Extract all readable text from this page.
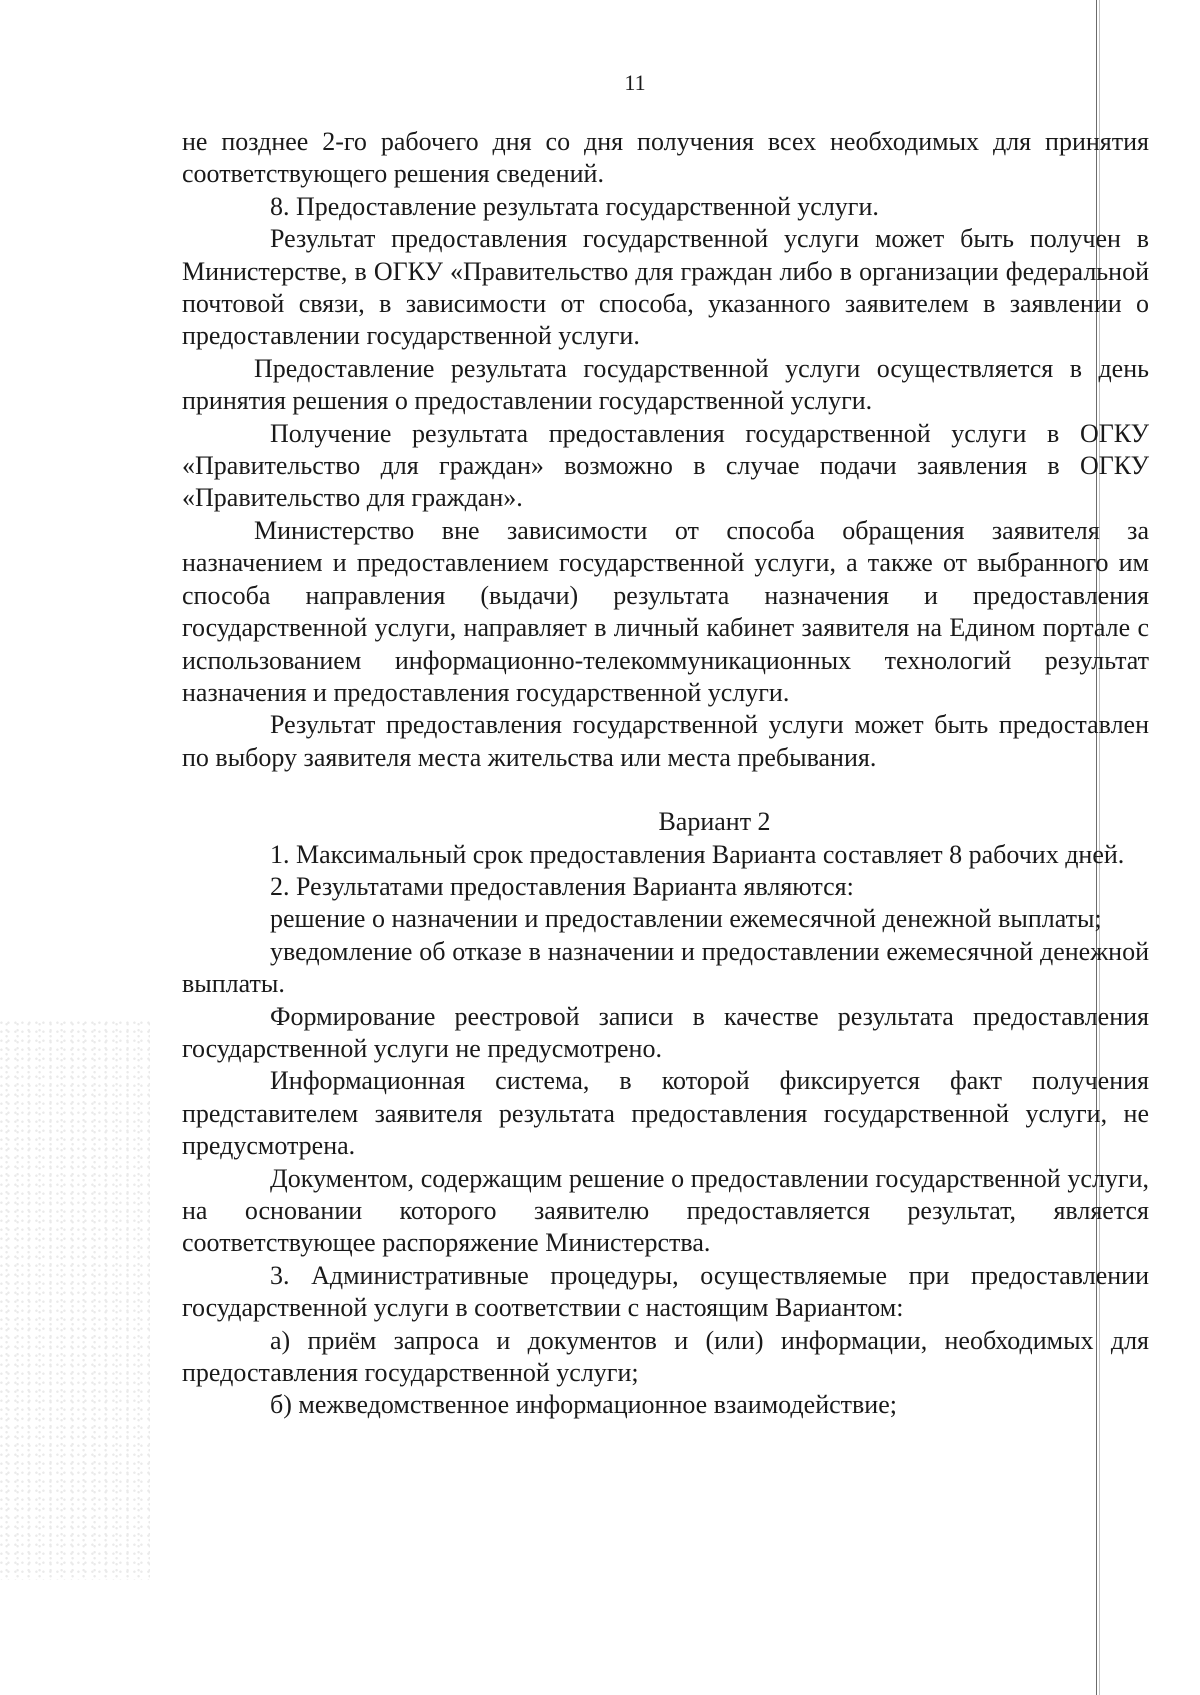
11

не позднее 2-го рабочего дня со дня получения всех необходимых для принятия соответствующего решения сведений.

8. Предоставление результата государственной услуги.

Результат предоставления государственной услуги может быть получен в Министерстве, в ОГКУ «Правительство для граждан либо в организации федеральной почтовой связи, в зависимости от способа, указанного заявителем в заявлении о предоставлении государственной услуги.

Предоставление результата государственной услуги осуществляется в день принятия решения о предоставлении государственной услуги.

Получение результата предоставления государственной услуги в ОГКУ «Правительство для граждан» возможно в случае подачи заявления в ОГКУ «Правительство для граждан».

Министерство вне зависимости от способа обращения заявителя за назначением и предоставлением государственной услуги, а также от выбранного им способа направления (выдачи) результата назначения и предоставления государственной услуги, направляет в личный кабинет заявителя на Едином портале с использованием информационно-телекоммуникационных технологий результат назначения и предоставления государственной услуги.

Результат предоставления государственной услуги может быть предоставлен по выбору заявителя места жительства или места пребывания.

Вариант 2

1. Максимальный срок предоставления Варианта составляет 8 рабочих дней.

2. Результатами предоставления Варианта являются:

решение о назначении и предоставлении ежемесячной денежной выплаты;

уведомление об отказе в назначении и предоставлении ежемесячной денежной выплаты.

Формирование реестровой записи в качестве результата предоставления государственной услуги не предусмотрено.

Информационная система, в которой фиксируется факт получения представителем заявителя результата предоставления государственной услуги, не предусмотрена.

Документом, содержащим решение о предоставлении государственной услуги, на основании которого заявителю предоставляется результат, является соответствующее распоряжение Министерства.

3. Административные процедуры, осуществляемые при предоставлении государственной услуги в соответствии с настоящим Вариантом:

а) приём запроса и документов и (или) информации, необходимых для предоставления государственной услуги;

б) межведомственное информационное взаимодействие;
